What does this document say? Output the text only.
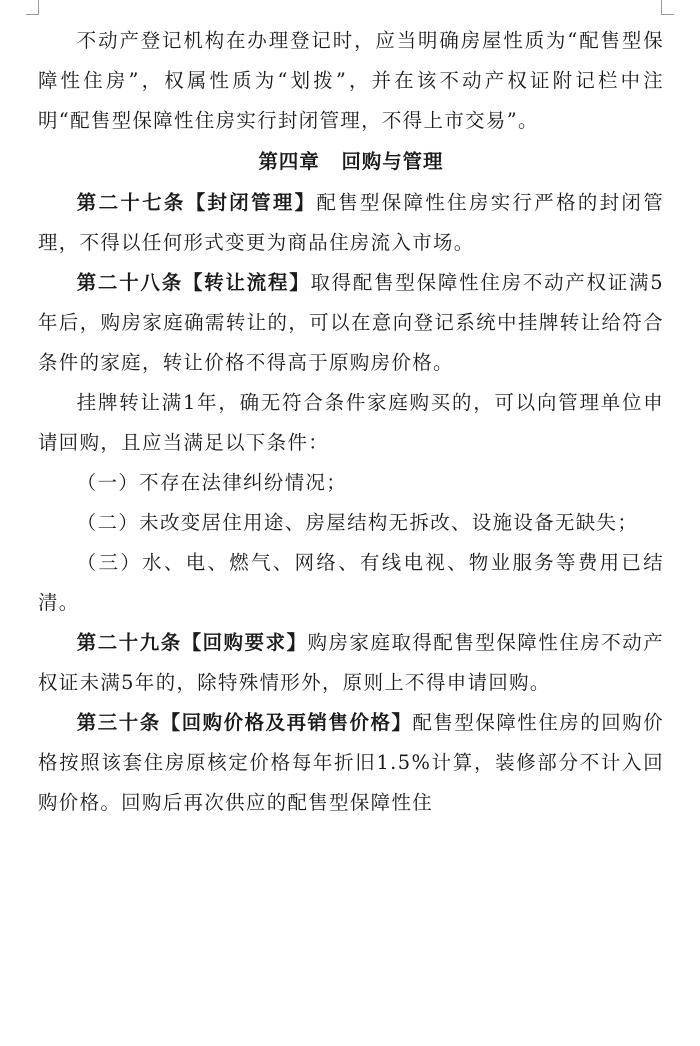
不动产登记机构在办理登记时，应当明确房屋性质为“配售型保障性住房”，权属性质为“划拨”，并在该不动产权证附记栏中注明“配售型保障性住房实行封闭管理，不得上市交易”。

第四章 回购与管理

第二十七条【封闭管理】配售型保障性住房实行严格的封闭管理，不得以任何形式变更为商品住房流入市场。

第二十八条【转让流程】取得配售型保障性住房不动产权证满5年后，购房家庭确需转让的，可以在意向登记系统中挂牌转让给符合条件的家庭，转让价格不得高于原购房价格。

挂牌转让满1年，确无符合条件家庭购买的，可以向管理单位申请回购，且应当满足以下条件：

（一）不存在法律纠纷情况；

（二）未改变居住用途、房屋结构无拆改、设施设备无缺失；

（三）水、电、燃气、网络、有线电视、物业服务等费用已结清。

第二十九条【回购要求】购房家庭取得配售型保障性住房不动产权证未满5年的，除特殊情形外，原则上不得申请回购。

第三十条【回购价格及再销售价格】配售型保障性住房的回购价格按照该套住房原核定价格每年折旧1.5%计算，装修部分不计入回购价格。回购后再次供应的配售型保障性住
